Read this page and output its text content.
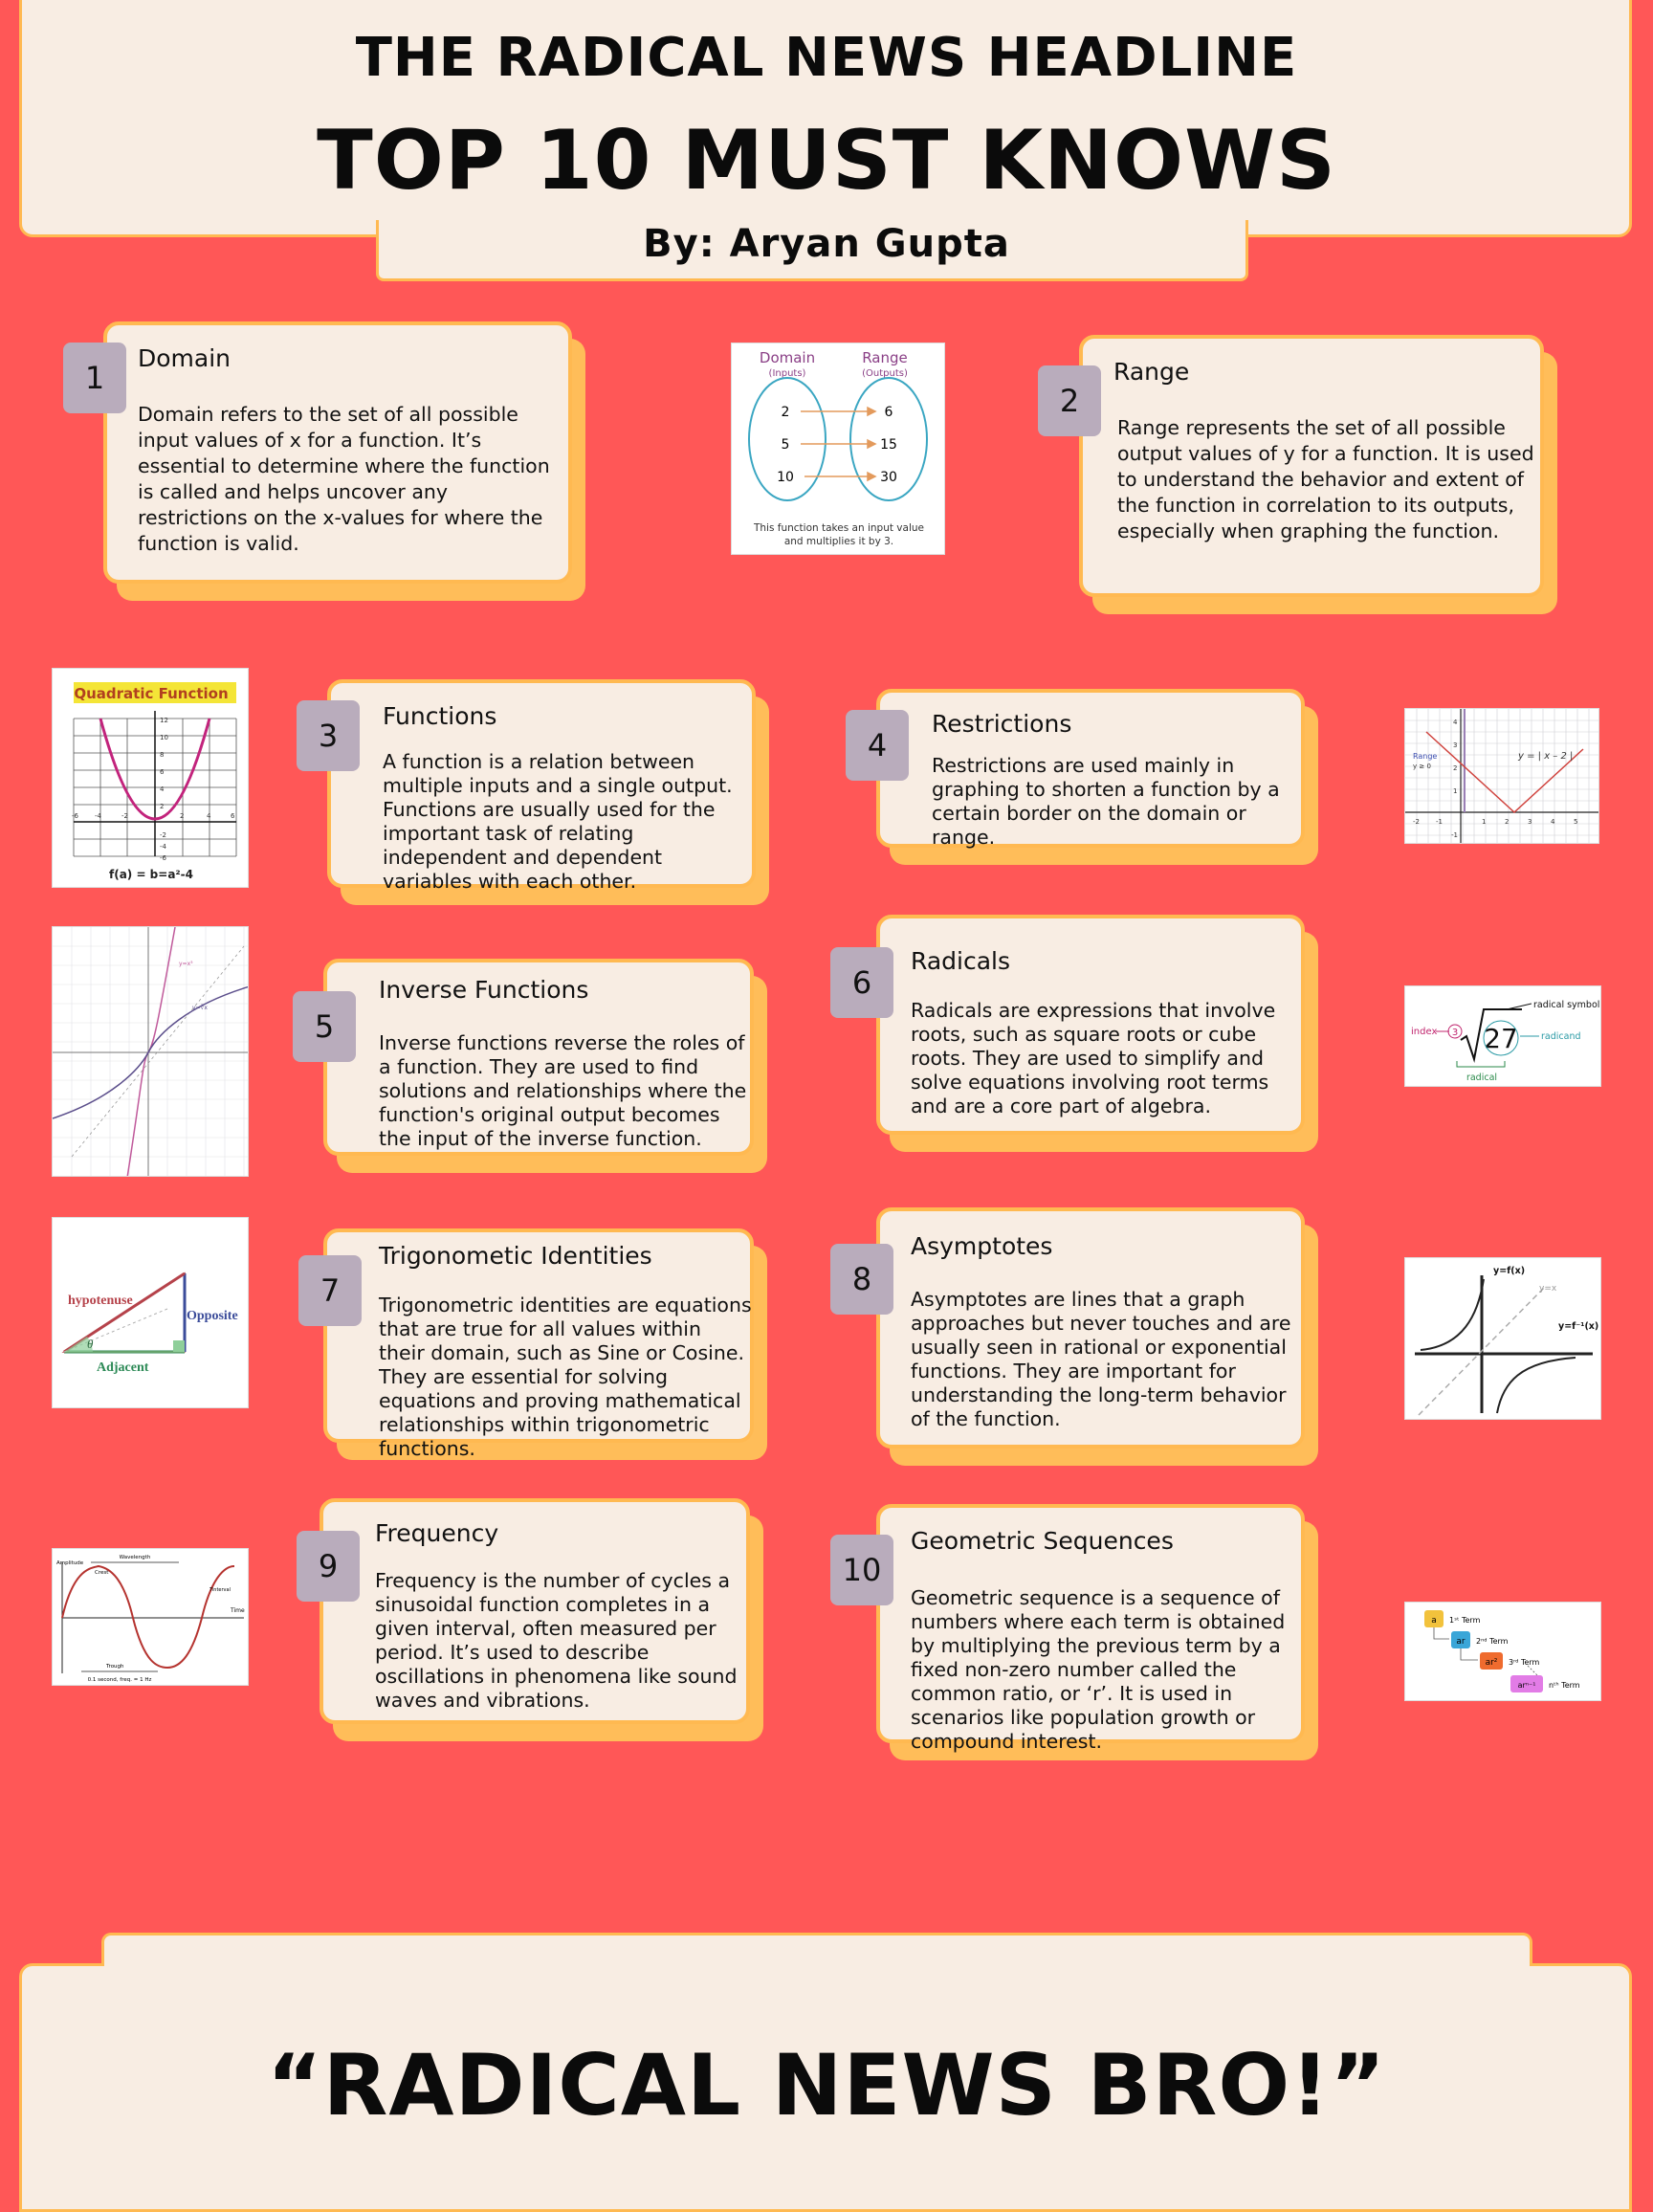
THE RADICAL NEWS HEADLINE
TOP 10 MUST KNOWS
By: Aryan Gupta
Domain
Domain refers to the set of all possible input values of x for a function. It’s essential to determine where the function is called and helps uncover any restrictions on the x-values for where the function is valid.
1	Range
Range represents the set of all possible output values of y for a function. It is used to understand the behavior and extent of the function in correlation to its outputs, especially when graphing the function.
2
Functions
A function is a relation between multiple inputs and a single output. Functions are usually used for the important task of relating independent and dependent variables with each other.
3	Restrictions
Restrictions are used mainly in graphing to shorten a function by a certain border on the domain or range.
4
Inverse Functions
Inverse functions reverse the roles of a function. They are used to find solutions and relationships where the function's original output becomes the input of the inverse function.
5
Radicals
Radicals are expressions that involve roots, such as square roots or cube roots. They are used to simplify and solve equations involving root terms and are a core part of algebra.
6
Trigonometic Identities
Trigonometric identities are equations that are true for all values within their domain, such as Sine or Cosine. They are essential for solving equations and proving mathematical relationships within trigonometric functions.
7
Asymptotes
Asymptotes are lines that a graph approaches but never touches and are usually seen in rational or exponential functions. They are important for understanding the long-term behavior of the function.
8
Frequency
Frequency is the number of cycles a sinusoidal function completes in a given interval, often measured per period. It’s used to describe oscillations in phenomena like sound waves and vibrations.
9
Geometric Sequences
Geometric sequence is a sequence of numbers where each term is obtained by multiplying the previous term by a fixed non-zero number called the common ratio, or ‘r’. It is used in scenarios like population growth or compound interest.
10
Domain
(Inputs)
Range
(Outputs)
2
5
10
6
15
30
This function takes an input value
and multiplies it by 3.
Quadratic Function
12
10
8
6
4
2
-2
-4
-6
-6 -4	-2	2	4	6
f(a) = b=a²-4
Range
y ≥ 0
y = | x – 2 |
-2 -1	1	2	3	4	5
4
3
2
1
-1
y=x³
y=∛x
index 3 27
radical symbol
radicand
radical
hypotenuse
Opposite
Adjacent
θ
y=f(x)
y=x
y=f⁻¹(x)
Wavelength
Amplitude
Crest
Trough
Time
Tinterval
0.1 second, freq. = 1 Hz
a 1ˢᵗ Term
ar 2ⁿᵈ Term
ar² 3ʳᵈ Term
arⁿ⁻¹ nᵗʰ Term
“RADICAL NEWS BRO!”
